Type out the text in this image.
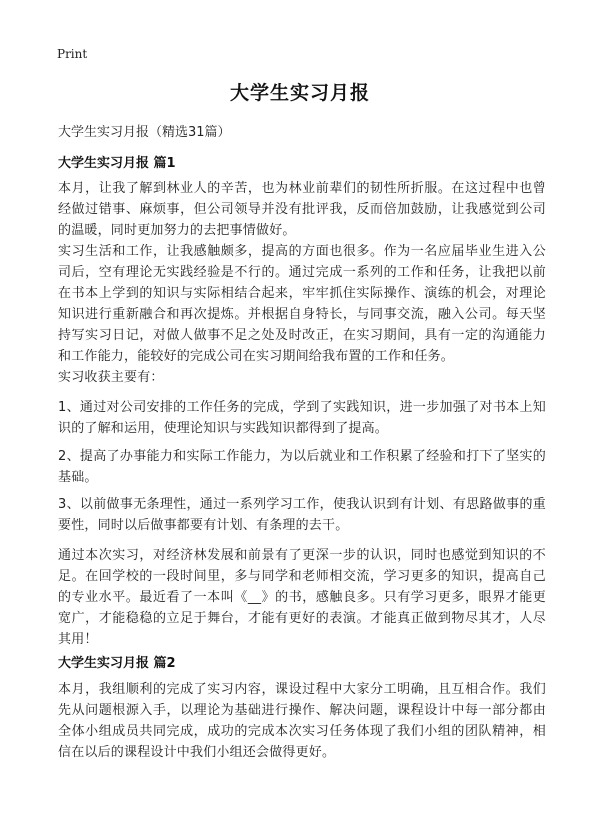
Print
大学生实习月报
大学生实习月报（精选31篇）
大学生实习月报 篇1
本月，让我了解到林业人的辛苦，也为林业前辈们的韧性所折服。在这过程中也曾经做过错事、麻烦事，但公司领导并没有批评我，反而倍加鼓励，让我感觉到公司的温暖，同时更加努力的去把事情做好。
实习生活和工作，让我感触颇多，提高的方面也很多。作为一名应届毕业生进入公司后，空有理论无实践经验是不行的。通过完成一系列的工作和任务，让我把以前在书本上学到的知识与实际相结合起来，牢牢抓住实际操作、演练的机会，对理论知识进行重新融合和再次提炼。并根据自身特长，与同事交流，融入公司。每天坚持写实习日记，对做人做事不足之处及时改正，在实习期间，具有一定的沟通能力和工作能力，能较好的完成公司在实习期间给我布置的工作和任务。
实习收获主要有：
1、通过对公司安排的工作任务的完成，学到了实践知识，进一步加强了对书本上知识的了解和运用，使理论知识与实践知识都得到了提高。
2、提高了办事能力和实际工作能力，为以后就业和工作积累了经验和打下了坚实的基础。
3、以前做事无条理性，通过一系列学习工作，使我认识到有计划、有思路做事的重要性，同时以后做事都要有计划、有条理的去干。
通过本次实习，对经济林发展和前景有了更深一步的认识，同时也感觉到知识的不足。在回学校的一段时间里，多与同学和老师相交流，学习更多的知识，提高自己的专业水平。最近看了一本叫《__》的书，感触良多。只有学习更多，眼界才能更宽广，才能稳稳的立足于舞台，才能有更好的表演。才能真正做到物尽其才，人尽其用！
大学生实习月报 篇2
本月，我组顺利的完成了实习内容，课设过程中大家分工明确，且互相合作。我们先从问题根源入手，以理论为基础进行操作、解决问题，课程设计中每一部分都由全体小组成员共同完成，成功的完成本次实习任务体现了我们小组的团队精神，相信在以后的课程设计中我们小组还会做得更好。
